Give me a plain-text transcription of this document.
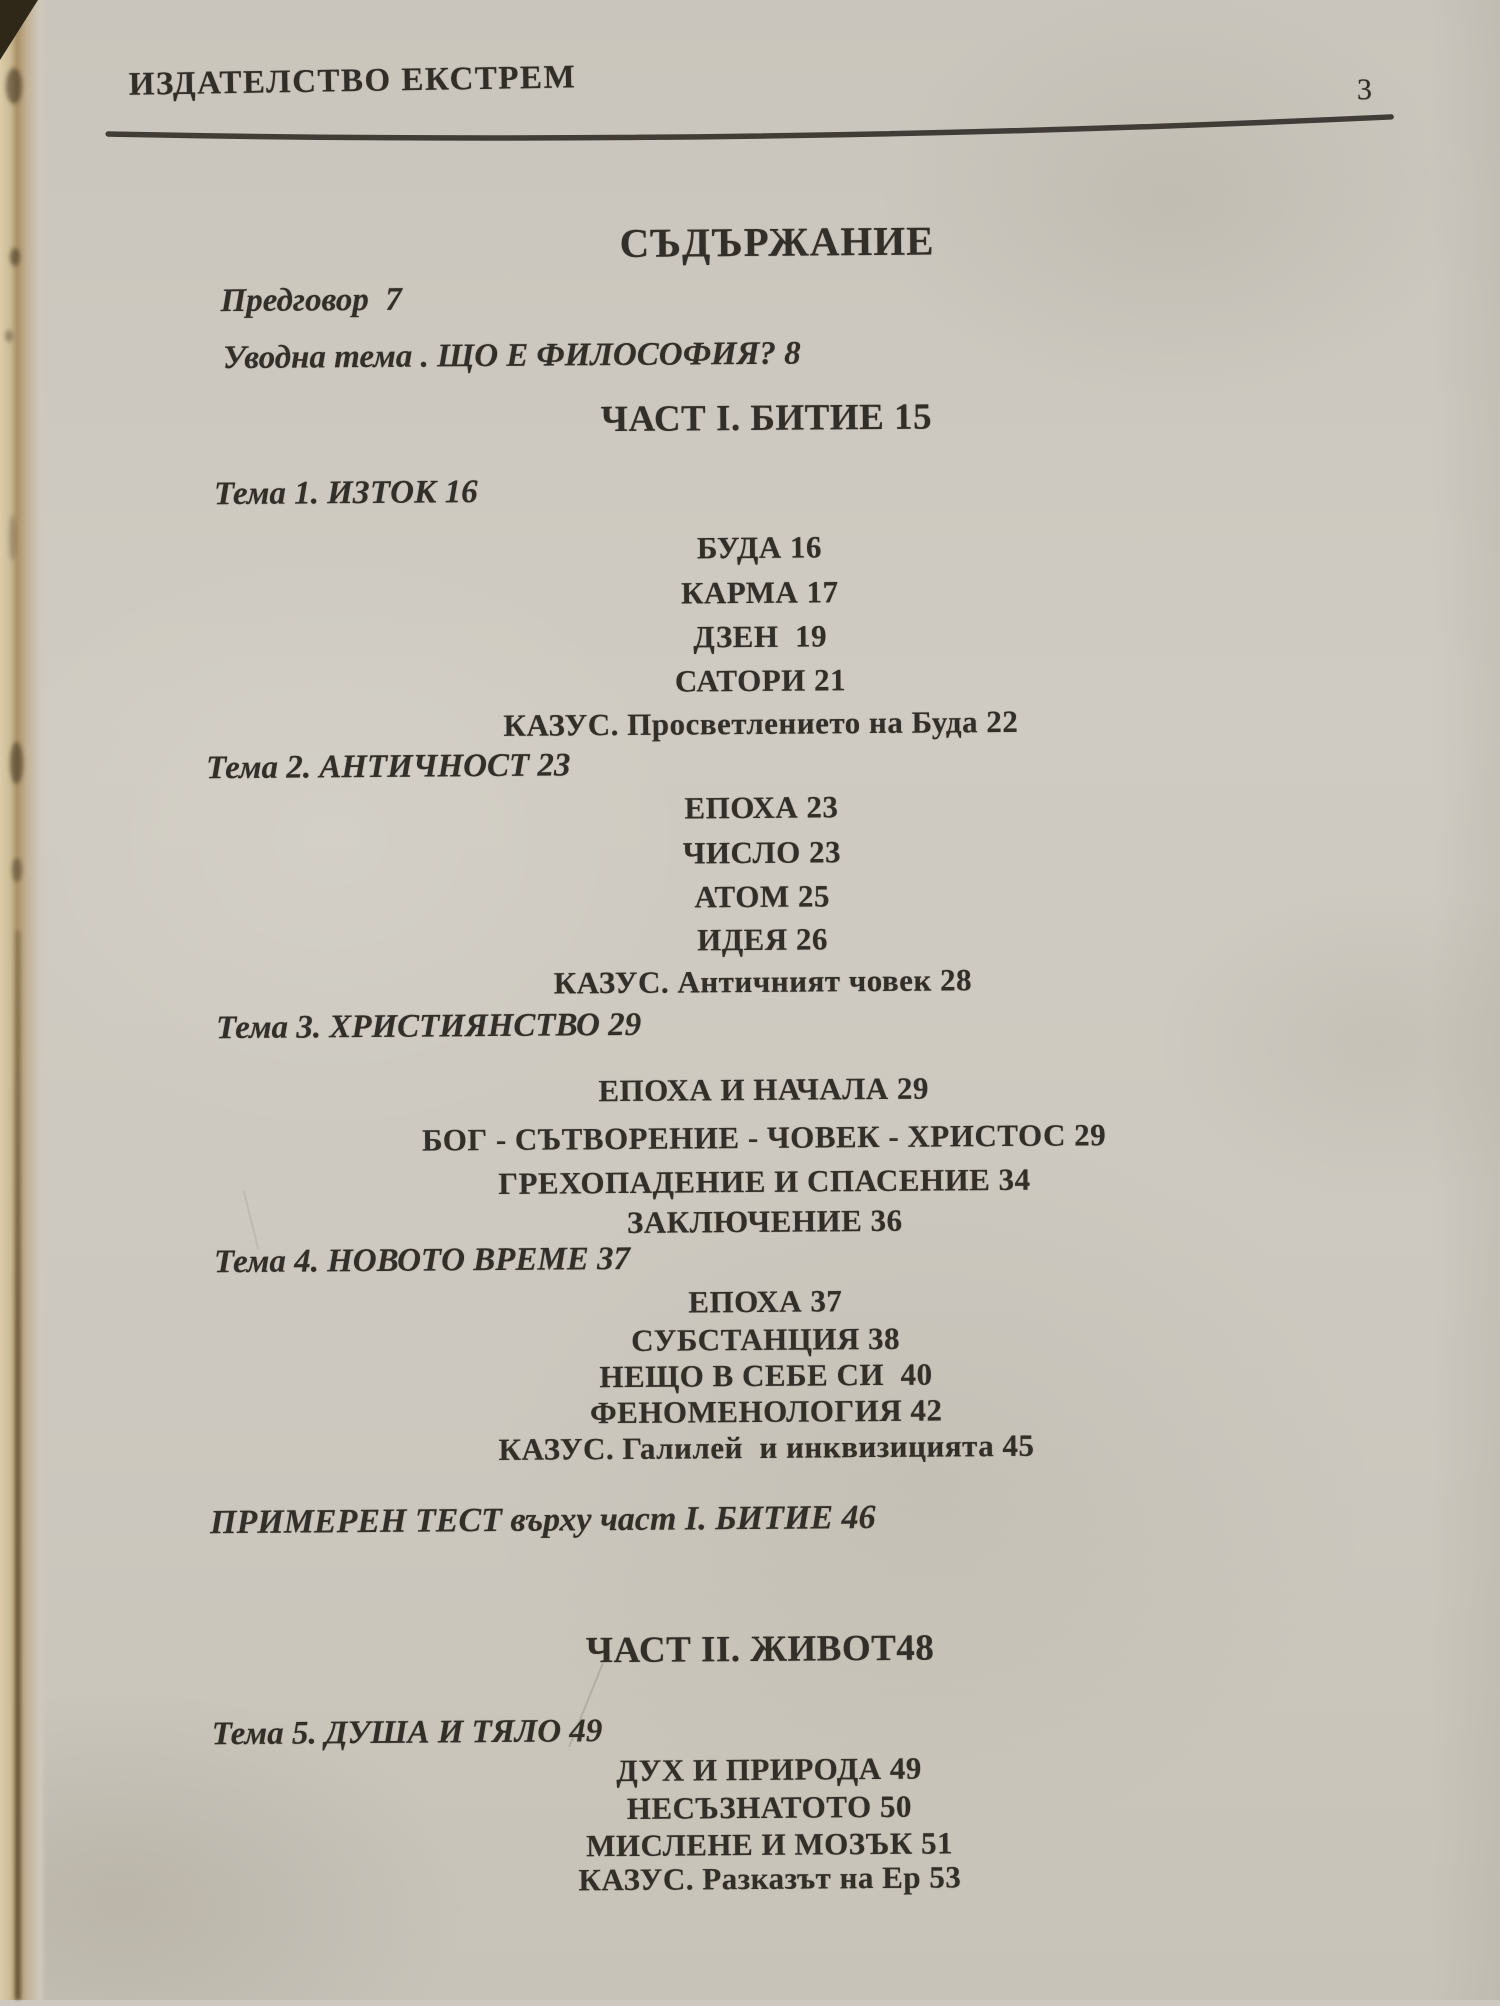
ИЗДАТЕЛСТВО ЕКСТРЕМ	3
СЪДЪРЖАНИЕ
Предговор  7
Уводна тема . ЩО Е ФИЛОСОФИЯ? 8
ЧАСТ I. БИТИЕ 15
Тема 1. ИЗТОК 16
БУДА 16
КАРМА 17
ДЗЕН  19
САТОРИ 21
КАЗУС. Просветлението на Буда 22
Тема 2. АНТИЧНОСТ 23
ЕПОХА 23
ЧИСЛО 23
АТОМ 25
ИДЕЯ 26
КАЗУС. Античният човек 28
Тема 3. ХРИСТИЯНСТВО 29
ЕПОХА И НАЧАЛА 29
БОГ - СЪТВОРЕНИЕ - ЧОВЕК - ХРИСТОС 29
ГРЕХОПАДЕНИЕ И СПАСЕНИЕ 34
ЗАКЛЮЧЕНИЕ 36
Тема 4. НОВОТО ВРЕМЕ 37
ЕПОХА 37
СУБСТАНЦИЯ 38
НЕЩО В СЕБЕ СИ  40
ФЕНОМЕНОЛОГИЯ 42
КАЗУС. Галилей  и инквизицията 45
ПРИМЕРЕН ТЕСТ върху част I. БИТИЕ 46
ЧАСТ II. ЖИВОТ48
Тема 5. ДУША И ТЯЛО 49
ДУХ И ПРИРОДА 49
НЕСЪЗНАТОТО 50
МИСЛЕНЕ И МОЗЪК 51
КАЗУС. Разказът на Ер 53
